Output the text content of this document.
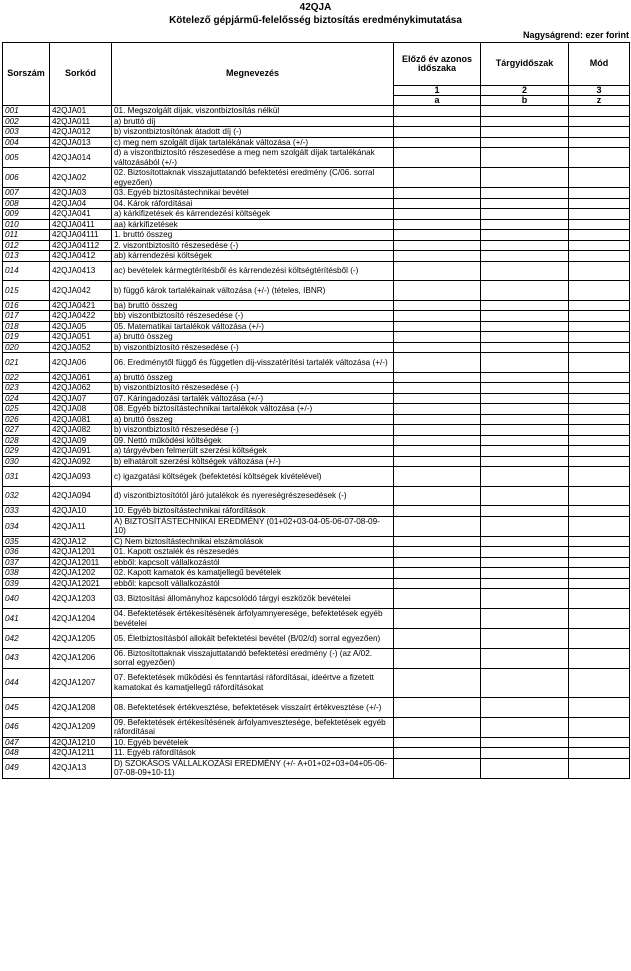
42QJA
Kötelező gépjármű-felelősség biztosítás eredménykimutatása
Nagyságrend: ezer forint
Sorszám	Sorkód	Megnevezés	Előző év azonos időszaka	Tárgyidőszak	Mód
			1	2	3
			a	b	z
001	42QJA01	01. Megszolgált díjak, viszontbiztosítás nélkül			
002	42QJA011	a) bruttó díj			
003	42QJA012	b) viszontbiztosítónak átadott díj (-)			
004	42QJA013	c) meg nem szolgált díjak tartalékának változása (+/-)			
005	42QJA014	d) a viszontbiztosító részesedése a meg nem szolgált díjak tartalékának változásából (+/-)			
006	42QJA02	02. Biztosítottaknak visszajuttatandó befektetési eredmény (C/06. sorral egyezően)			
007	42QJA03	03. Egyéb biztosítástechnikai bevétel			
008	42QJA04	04. Károk ráfordításai			
009	42QJA041	a) kárkifizetések és kárrendezési költségek			
010	42QJA0411	aa) kárkifizetések			
011	42QJA04111	1. bruttó összeg			
012	42QJA04112	2. viszontbiztosító részesedése (-)			
013	42QJA0412	ab) kárrendezési költségek			
014	42QJA0413	ac) bevételek kármegtérítésből és kárrendezési költségtérítésből (-)			
015	42QJA042	b) függő károk tartalékainak változása (+/-) (tételes, IBNR)			
016	42QJA0421	ba) bruttó összeg			
017	42QJA0422	bb) viszontbiztosító részesedése (-)			
018	42QJA05	05. Matematikai tartalékok változása (+/-)			
019	42QJA051	a) bruttó összeg			
020	42QJA052	b) viszontbiztosító részesedése (-)			
021	42QJA06	06. Eredménytől függő és független díj-visszatérítési tartalék változása (+/-)			
022	42QJA061	a) bruttó összeg			
023	42QJA062	b) viszontbiztosító részesedése (-)			
024	42QJA07	07. Káringadozási tartalék változása (+/-)			
025	42QJA08	08. Egyéb biztosítástechnikai tartalékok változása (+/-)			
026	42QJA081	a) bruttó összeg			
027	42QJA082	b) viszontbiztosító részesedése (-)			
028	42QJA09	09. Nettó működési költségek			
029	42QJA091	a) tárgyévben felmerült szerzési költségek			
030	42QJA092	b) elhatárolt szerzési költségek változása (+/-)			
031	42QJA093	c) igazgatási költségek (befektetési költségek kivételével)			
032	42QJA094	d) viszontbiztosítótól járó jutalékok és nyereségrészesedések (-)			
033	42QJA10	10. Egyéb biztosítástechnikai ráfordítások			
034	42QJA11	A) BIZTOSÍTÁSTECHNIKAI EREDMÉNY (01+02+03-04-05-06-07-08-09-10)			
035	42QJA12	C) Nem biztosítástechnikai elszámolások			
036	42QJA1201	01. Kapott osztalék és részesedés			
037	42QJA12011	ebből: kapcsolt vállalkozástól			
038	42QJA1202	02. Kapott kamatok és kamatjellegű bevételek			
039	42QJA12021	ebből: kapcsolt vállalkozástól			
040	42QJA1203	03. Biztosítási állományhoz kapcsolódó tárgyi eszközök bevételei			
041	42QJA1204	04. Befektetések értékesítésének árfolyamnyeresége, befektetések egyéb bevételei			
042	42QJA1205	05. Életbiztosításból allokált befektetési bevétel (B/02/d) sorral egyezően)			
043	42QJA1206	06. Biztosítottaknak visszajuttatandó befektetési eredmény (-) (az A/02. sorral egyezően)			
044	42QJA1207	07. Befektetések működési és fenntartási ráfordításai, ideértve a fizetett kamatokat és kamatjellegű ráfordításokat			
045	42QJA1208	08. Befektetések értékvesztése, befektetések visszaírt értékvesztése (+/-)			
046	42QJA1209	09. Befektetések értékesítésének árfolyamvesztesége, befektetések egyéb ráfordításai			
047	42QJA1210	10. Egyéb bevételek			
048	42QJA1211	11. Egyéb ráfordítások			
049	42QJA13	D) SZOKÁSOS VÁLLALKOZÁSI EREDMÉNY (+/- A+01+02+03+04+05-06-07-08-09+10-11)			
